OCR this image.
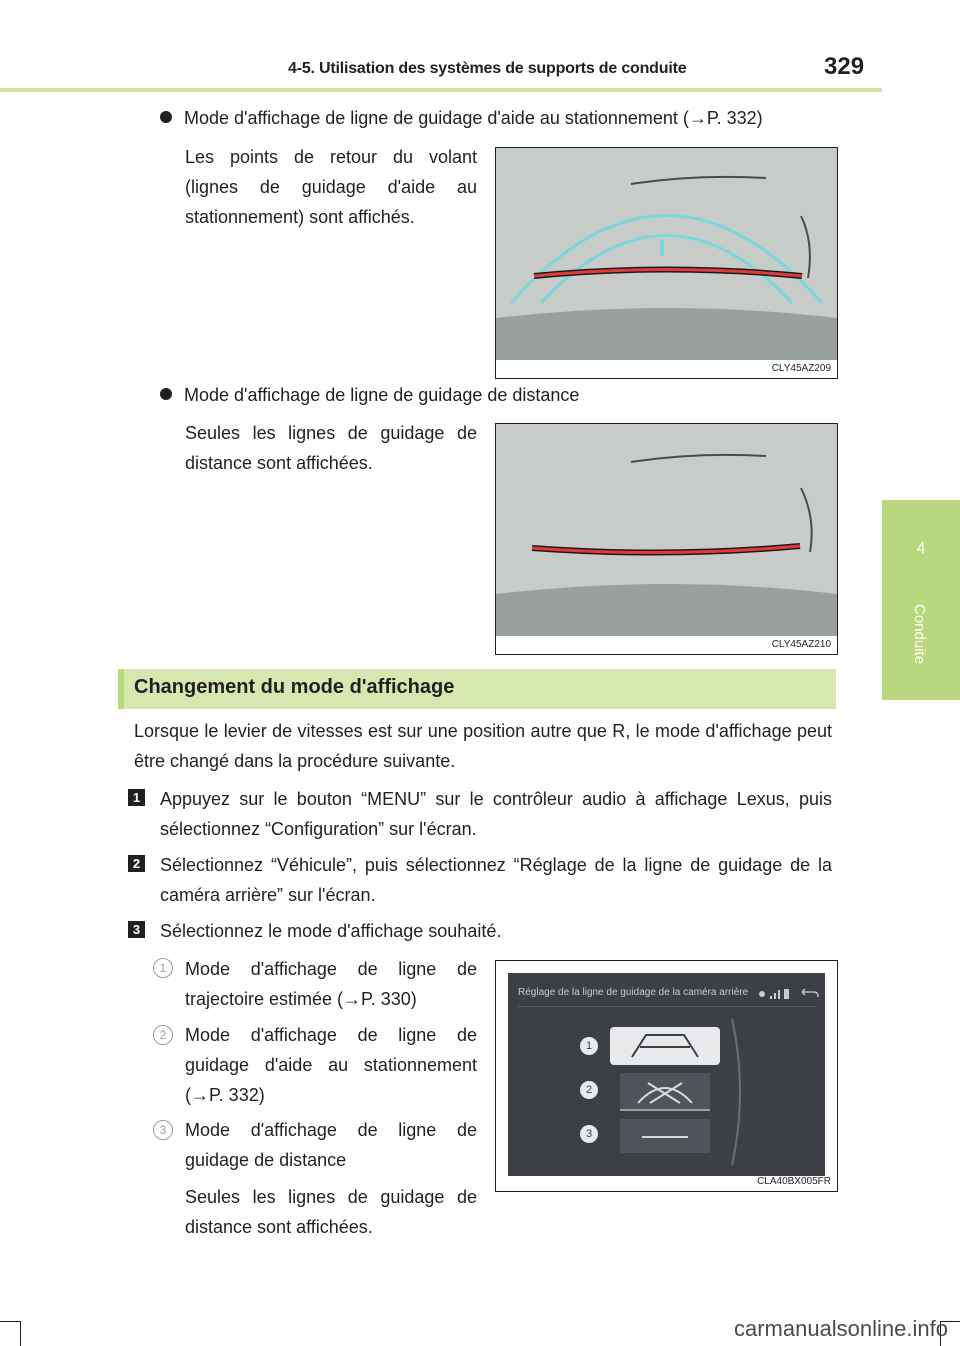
4-5. Utilisation des systèmes de supports de conduite	329
4
Conduite
Mode d'affichage de ligne de guidage d'aide au stationnement (→P. 332)
Les points de retour du volant (lignes de guidage d'aide au stationnement) sont affichés.
CLY45AZ209
Mode d'affichage de ligne de guidage de distance
Seules les lignes de guidage de distance sont affichées.
CLY45AZ210
Changement du mode d'affichage
Lorsque le levier de vitesses est sur une position autre que R, le mode d'affichage peut être changé dans la procédure suivante.
1 Appuyez sur le bouton “MENU” sur le contrôleur audio à affichage Lexus, puis sélectionnez “Configuration” sur l'écran.
2 Sélectionnez “Véhicule”, puis sélectionnez “Réglage de la ligne de guidage de la caméra arrière” sur l'écran.
3 Sélectionnez le mode d'affichage souhaité.
1	Mode d'affichage de ligne de trajectoire estimée (→P. 330)
2	Mode d'affichage de ligne de guidage d'aide au stationnement (→P. 332)
3	Mode d'affichage de ligne de guidage de distance
Seules les lignes de guidage de distance sont affichées.
Réglage de la ligne de guidage de la caméra arrière
1
2
3
CLA40BX005FR
carmanualsonline.info
